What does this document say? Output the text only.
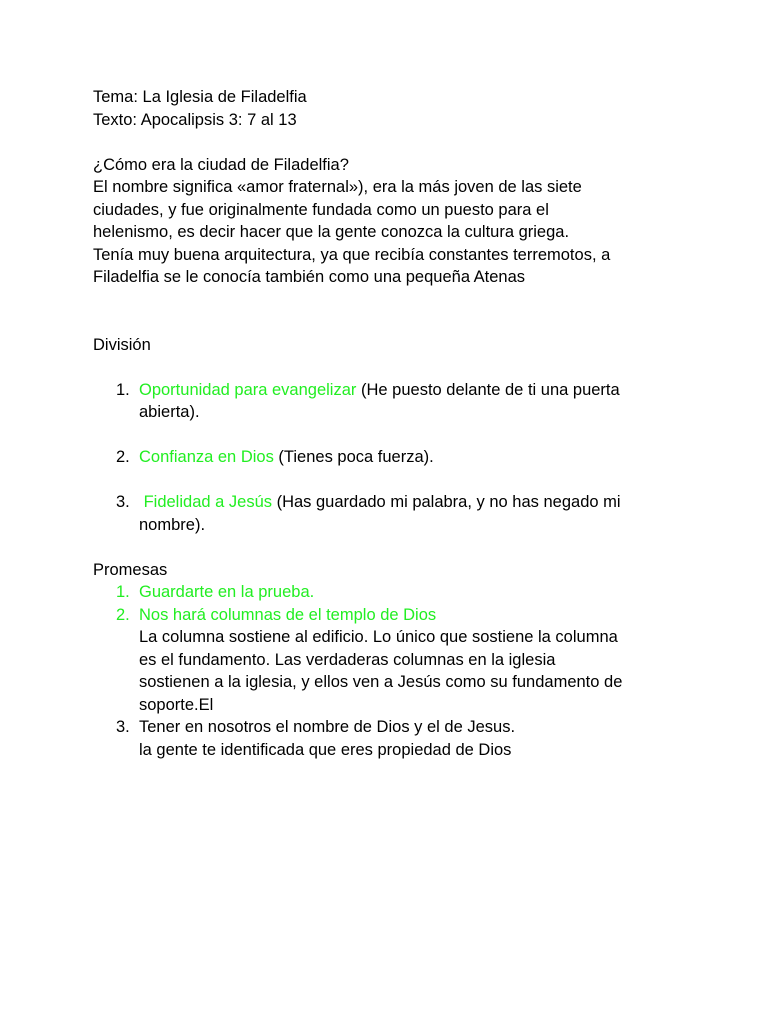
Tema: La Iglesia de Filadelfia
Texto: Apocalipsis 3: 7 al 13
¿Cómo era la ciudad de Filadelfia?
El nombre significa «amor fraternal»), era la más joven de las siete
ciudades, y fue originalmente fundada como un puesto para el
helenismo, es decir hacer que la gente conozca la cultura griega.
Tenía muy buena arquitectura, ya que recibía constantes terremotos, a
Filadelfia se le conocía también como una pequeña Atenas
División
1. Oportunidad para evangelizar (He puesto delante de ti una puerta
abierta).
2. Confianza en Dios (Tienes poca fuerza).
3. Fidelidad a Jesús (Has guardado mi palabra, y no has negado mi
nombre).
Promesas
1. Guardarte en la prueba.
2. Nos hará columnas de el templo de Dios
La columna sostiene al edificio. Lo único que sostiene la columna
es el fundamento. Las verdaderas columnas en la iglesia
sostienen a la iglesia, y ellos ven a Jesús como su fundamento de
soporte.El
3. Tener en nosotros el nombre de Dios y el de Jesus.
la gente te identificada que eres propiedad de Dios
